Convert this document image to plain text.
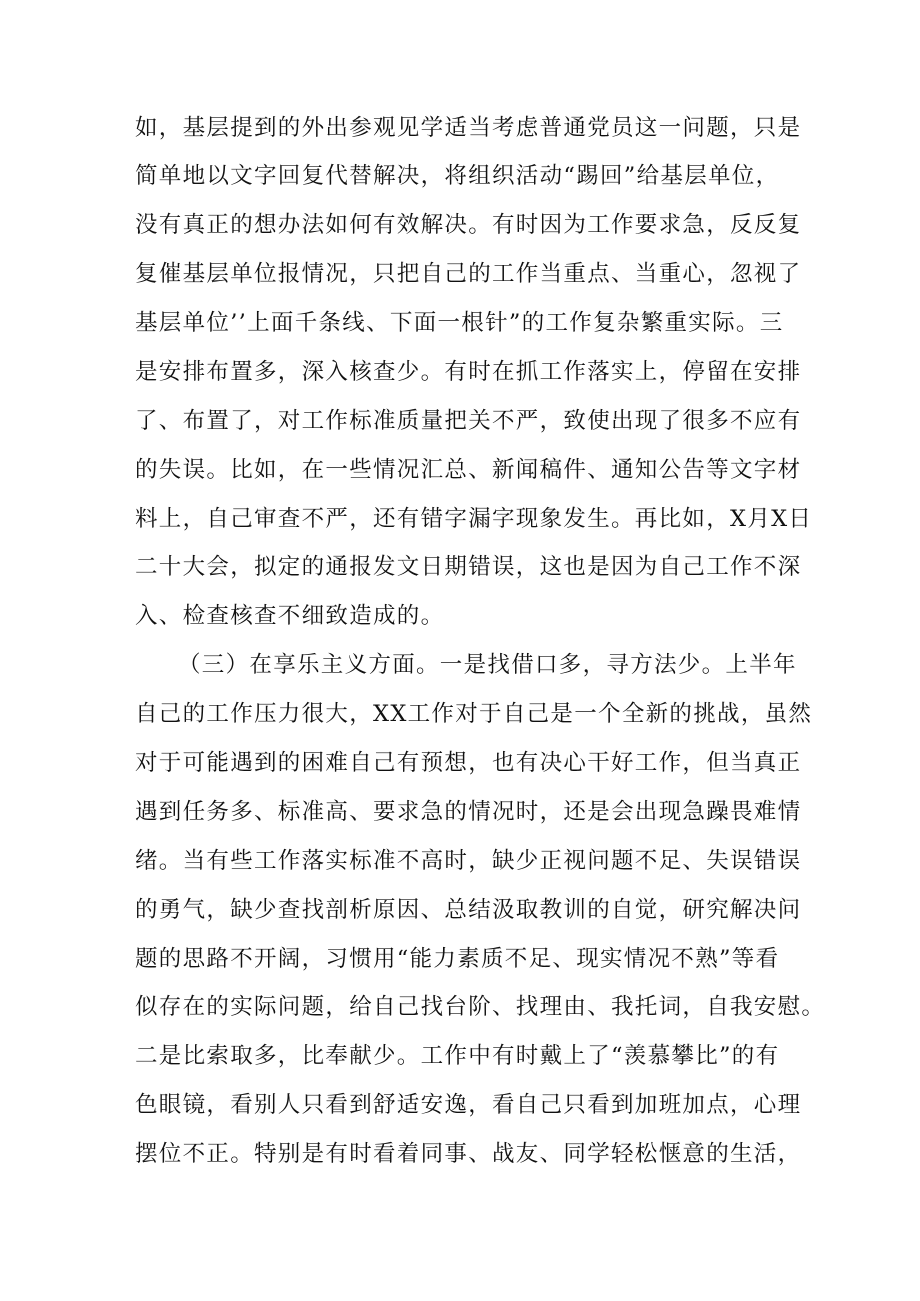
如，基层提到的外出参观见学适当考虑普通党员这一问题，只是
简单地以文字回复代替解决，将组织活动“踢回”给基层单位，
没有真正的想办法如何有效解决。有时因为工作要求急，反反复
复催基层单位报情况，只把自己的工作当重点、当重心，忽视了
基层单位’’上面千条线、下面一根针”的工作复杂繁重实际。三
是安排布置多，深入核查少。有时在抓工作落实上，停留在安排
了、布置了，对工作标准质量把关不严，致使出现了很多不应有
的失误。比如，在一些情况汇总、新闻稿件、通知公告等文字材
料上，自己审查不严，还有错字漏字现象发生。再比如，X月X日
二十大会，拟定的通报发文日期错误，这也是因为自己工作不深
入、检查核查不细致造成的。
（三）在享乐主义方面。一是找借口多，寻方法少。上半年
自己的工作压力很大，XX工作对于自己是一个全新的挑战，虽然
对于可能遇到的困难自己有预想，也有决心干好工作，但当真正
遇到任务多、标准高、要求急的情况时，还是会出现急躁畏难情
绪。当有些工作落实标准不高时，缺少正视问题不足、失误错误
的勇气，缺少查找剖析原因、总结汲取教训的自觉，研究解决问
题的思路不开阔，习惯用“能力素质不足、现实情况不熟”等看
似存在的实际问题，给自己找台阶、找理由、我托词，自我安慰。
二是比索取多，比奉献少。工作中有时戴上了“羡慕攀比”的有
色眼镜，看别人只看到舒适安逸，看自己只看到加班加点，心理
摆位不正。特别是有时看着同事、战友、同学轻松惬意的生活，
